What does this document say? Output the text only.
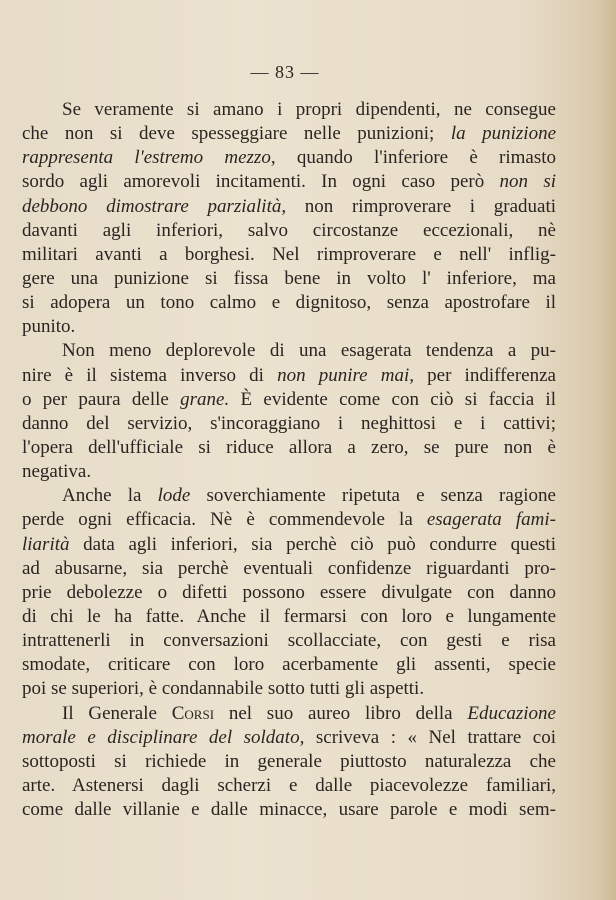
— 83 —
Se veramente si amano i propri dipendenti, ne consegue
che non si deve spesseggiare nelle punizioni; la punizione
rappresenta l'estremo mezzo, quando l'inferiore è rimasto
sordo agli amorevoli incitamenti. In ogni caso però non si
debbono dimostrare parzialità, non rimproverare i graduati
davanti agli inferiori, salvo circostanze eccezionali, nè
militari avanti a borghesi. Nel rimproverare e nell' inflig-
gere una punizione si fissa bene in volto l' inferiore, ma
si adopera un tono calmo e dignitoso, senza apostrofare il
punito.
Non meno deplorevole di una esagerata tendenza a pu-
nire è il sistema inverso di non punire mai, per indifferenza
o per paura delle grane. È evidente come con ciò si faccia il
danno del servizio, s'incoraggiano i neghittosi e i cattivi;
l'opera dell'ufficiale si riduce allora a zero, se pure non è
negativa.
Anche la lode soverchiamente ripetuta e senza ragione
perde ogni efficacia. Nè è commendevole la esagerata fami-
liarità data agli inferiori, sia perchè ciò può condurre questi
ad abusarne, sia perchè eventuali confidenze riguardanti pro-
prie debolezze o difetti possono essere divulgate con danno
di chi le ha fatte. Anche il fermarsi con loro e lungamente
intrattenerli in conversazioni scollacciate, con gesti e risa
smodate, criticare con loro acerbamente gli assenti, specie
poi se superiori, è condannabile sotto tutti gli aspetti.
Il Generale Corsi nel suo aureo libro della Educazione
morale e disciplinare del soldato, scriveva : « Nel trattare coi
sottoposti si richiede in generale piuttosto naturalezza che
arte. Astenersi dagli scherzi e dalle piacevolezze familiari,
come dalle villanie e dalle minacce, usare parole e modi sem-
